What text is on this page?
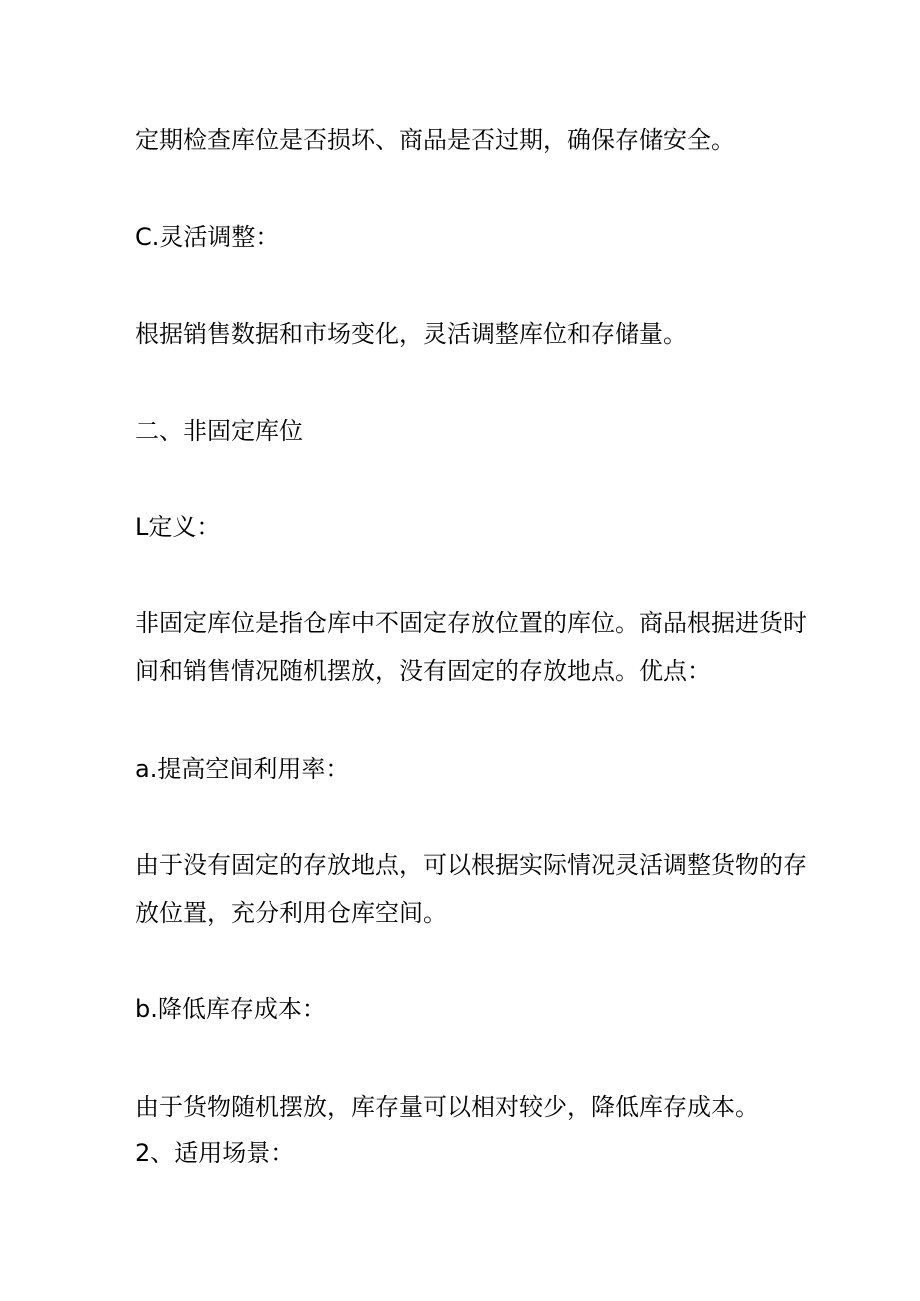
定期检查库位是否损坏、商品是否过期，确保存储安全。
C.灵活调整：
根据销售数据和市场变化，灵活调整库位和存储量。
二、非固定库位
L定义：
非固定库位是指仓库中不固定存放位置的库位。商品根据进货时
间和销售情况随机摆放，没有固定的存放地点。优点：
a.提高空间利用率：
由于没有固定的存放地点，可以根据实际情况灵活调整货物的存
放位置，充分利用仓库空间。
b.降低库存成本：
由于货物随机摆放，库存量可以相对较少，降低库存成本。
2、适用场景：
